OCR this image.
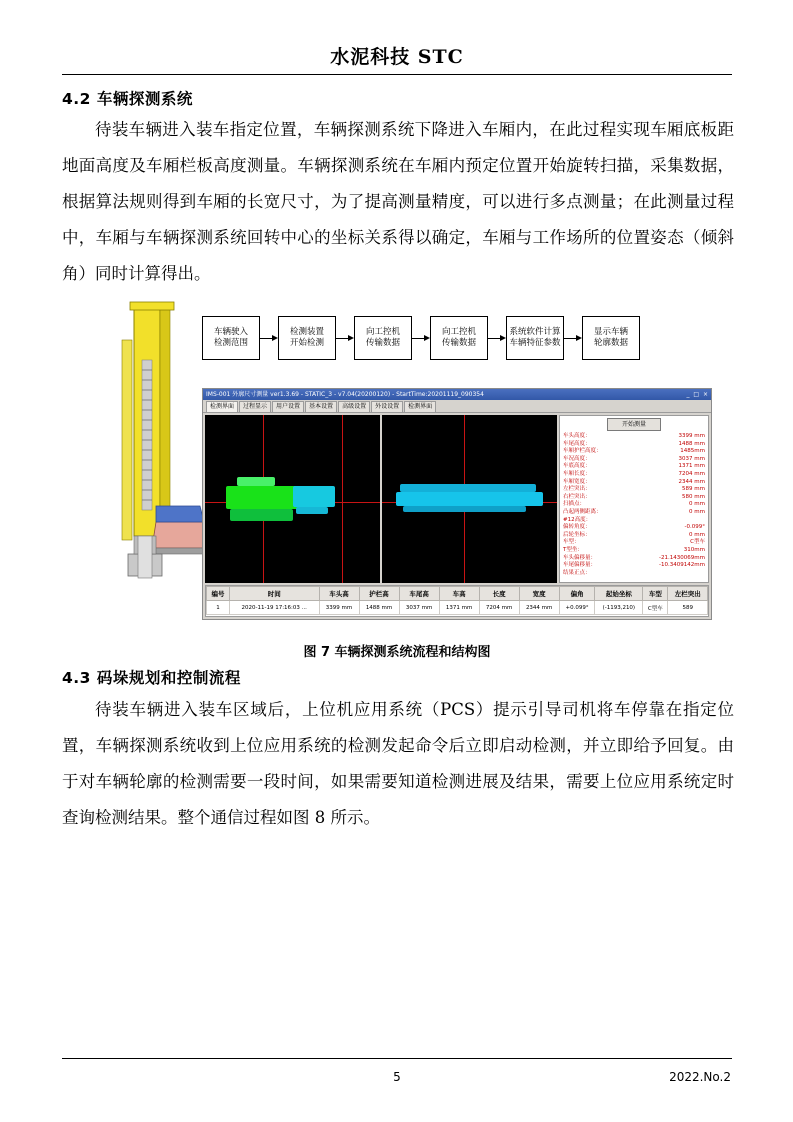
水泥科技 STC
4.2 车辆探测系统
待装车辆进入装车指定位置，车辆探测系统下降进入车厢内，在此过程实现车厢底板距地面高度及车厢栏板高度测量。车辆探测系统在车厢内预定位置开始旋转扫描，采集数据，根据算法规则得到车厢的长宽尺寸，为了提高测量精度，可以进行多点测量；在此测量过程中，车厢与车辆探测系统回转中心的坐标关系得以确定，车厢与工作场所的位置姿态（倾斜角）同时计算得出。
车辆驶入
检测范围
检测装置
开始检测
向工控机
传输数据
向工控机
传输数据
系统软件计算
车辆特征参数
显示车辆
轮廓数据
IMS-001 外廓尺寸测量 ver1.3.69 - STATIC_3 - v7.04(20200120) - StartTime:20201119_090354	_ □ ×
检测界面	过程显示	用户设置	基本设置	高级设置	外设设置	检测界面
开始测量
车头高度：	3399 mm
车尾高度：	1488 mm
车厢护栏高度：	1485mm
车况高度：	3037 mm
车底高度：	1371 mm
车厢长度：	7204 mm
车厢宽度：	2344 mm
左栏突出：	589 mm
右栏突出：	580 mm
扫描点：	0 mm
凸起两侧距离：	0 mm
#12高度：
偏转角度：	-0.099°
后轮坐标：	0 mm
车型：	C型车
T型坐：	310mm
车头偏移量：	-21.1430069mm
车尾偏移量：	-10.3409142mm
结果正点：
编号	时间	车头高	护栏高	车尾高	车高	长度	宽度	偏角	起始坐标	车型	左栏突出
1	2020-11-19 17:16:03 ...	3399 mm	1488 mm	3037 mm	1371 mm	7204 mm	2344 mm	+0.099°	(-1193,210)	C型车	589
图 7 车辆探测系统流程和结构图
4.3 码垛规划和控制流程
待装车辆进入装车区域后，上位机应用系统（PCS）提示引导司机将车停靠在指定位置，车辆探测系统收到上位应用系统的检测发起命令后立即启动检测，并立即给予回复。由于对车辆轮廓的检测需要一段时间，如果需要知道检测进展及结果，需要上位应用系统定时查询检测结果。整个通信过程如图 8 所示。
5	2022.No.2
